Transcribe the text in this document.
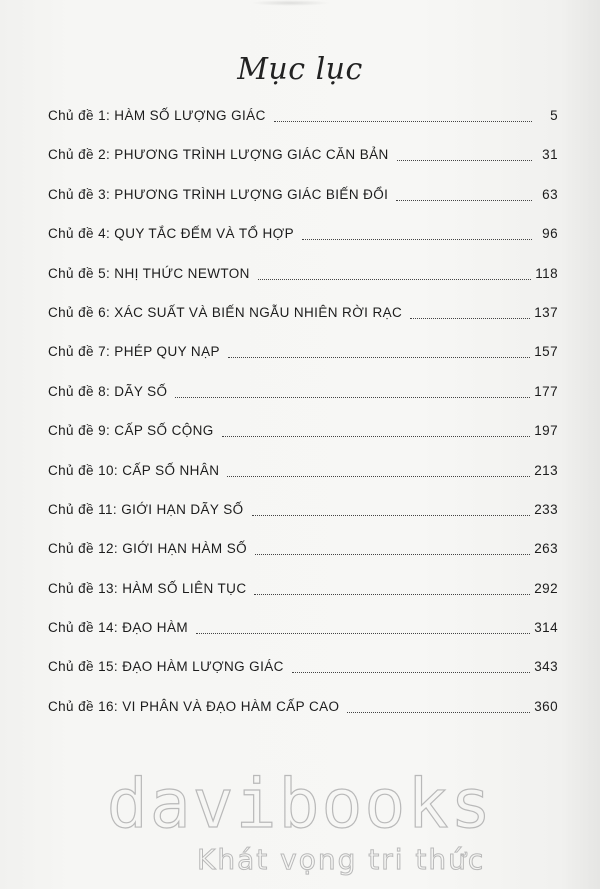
Mục lục
Chủ đề 1: HÀM SỐ LƯỢNG GIÁC	5
Chủ đề 2: PHƯƠNG TRÌNH LƯỢNG GIÁC CĂN BẢN	31
Chủ đề 3: PHƯƠNG TRÌNH LƯỢNG GIÁC BIẾN ĐỔI	63
Chủ đề 4: QUY TẮC ĐẾM VÀ TỔ HỢP	96
Chủ đề 5: NHỊ THỨC NEWTON	118
Chủ đề 6: XÁC SUẤT VÀ BIẾN NGẪU NHIÊN RỜI RẠC	137
Chủ đề 7: PHÉP QUY NẠP	157
Chủ đề 8: DÃY SỐ	177
Chủ đề 9: CẤP SỐ CỘNG	197
Chủ đề 10: CẤP SỐ NHÂN	213
Chủ đề 11: GIỚI HẠN DÃY SỐ	233
Chủ đề 12: GIỚI HẠN HÀM SỐ	263
Chủ đề 13: HÀM SỐ LIÊN TỤC	292
Chủ đề 14: ĐẠO HÀM	314
Chủ đề 15: ĐẠO HÀM LƯỢNG GIÁC	343
Chủ đề 16: VI PHÂN VÀ ĐẠO HÀM CẤP CAO	360
davibooks
Khát vọng tri thức
